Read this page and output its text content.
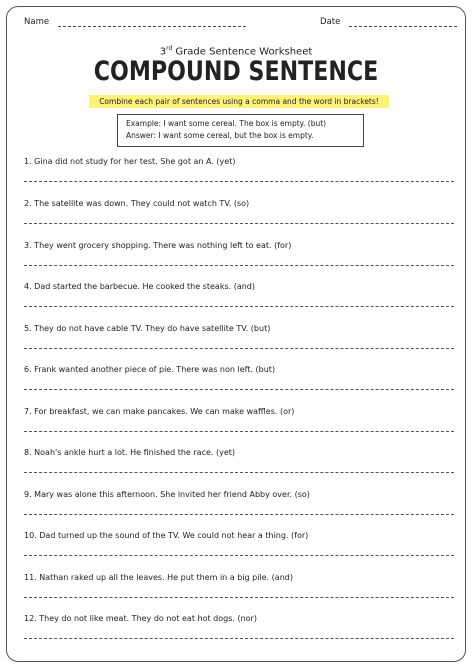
Name	Date
3rd Grade Sentence Worksheet
COMPOUND SENTENCE
Combine each pair of sentences using a comma and the word in brackets!
Example: I want some cereal. The box is empty. (but)
Answer: I want some cereal, but the box is empty.
1. Gina did not study for her test. She got an A. (yet)
2. The satellite was down. They could not watch TV. (so)
3. They went grocery shopping. There was nothing left to eat. (for)
4. Dad started the barbecue. He cooked the steaks. (and)
5. They do not have cable TV. They do have satellite TV. (but)
6. Frank wanted another piece of pie. There was non left. (but)
7. For breakfast, we can make pancakes. We can make waffles. (or)
8. Noah's ankle hurt a lot. He finished the race. (yet)
9. Mary was alone this afternoon. She invited her friend Abby over. (so)
10. Dad turned up the sound of the TV. We could not hear a thing. (for)
11. Nathan raked up all the leaves. He put them in a big pile. (and)
12. They do not like meat. They do not eat hot dogs. (nor)
